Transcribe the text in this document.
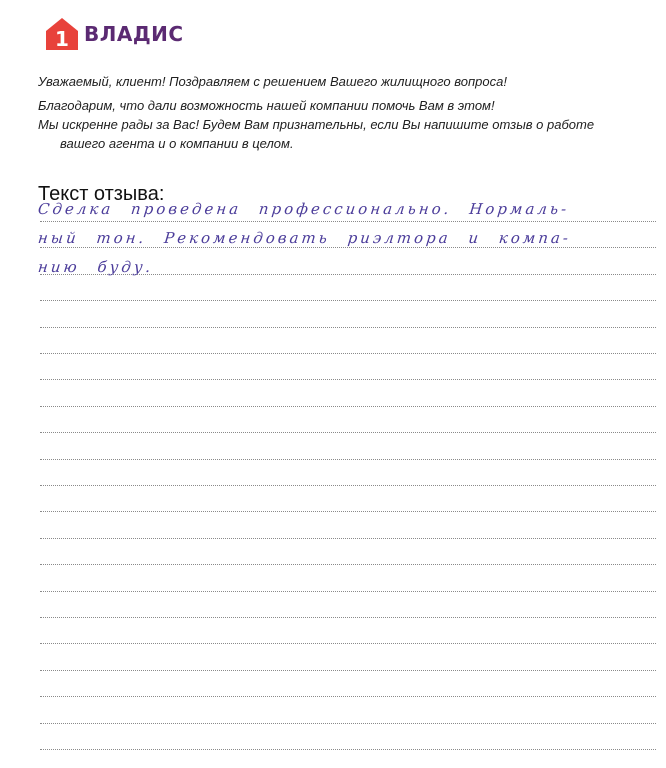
1 ВЛАДИС

Уважаемый, клиент! Поздравляем с решением Вашего жилищного вопроса!

Благодарим, что дали возможность нашей компании помочь Вам в этом!
Мы искренне рады за Вас! Будем Вам признательны, если Вы напишите отзыв о работе
вашего агента и о компании в целом.

Текст отзыва:
Сделка проведена профессионально. Нормаль-
ный тон. Рекомендовать риэлтора и компа-
нию буду.
